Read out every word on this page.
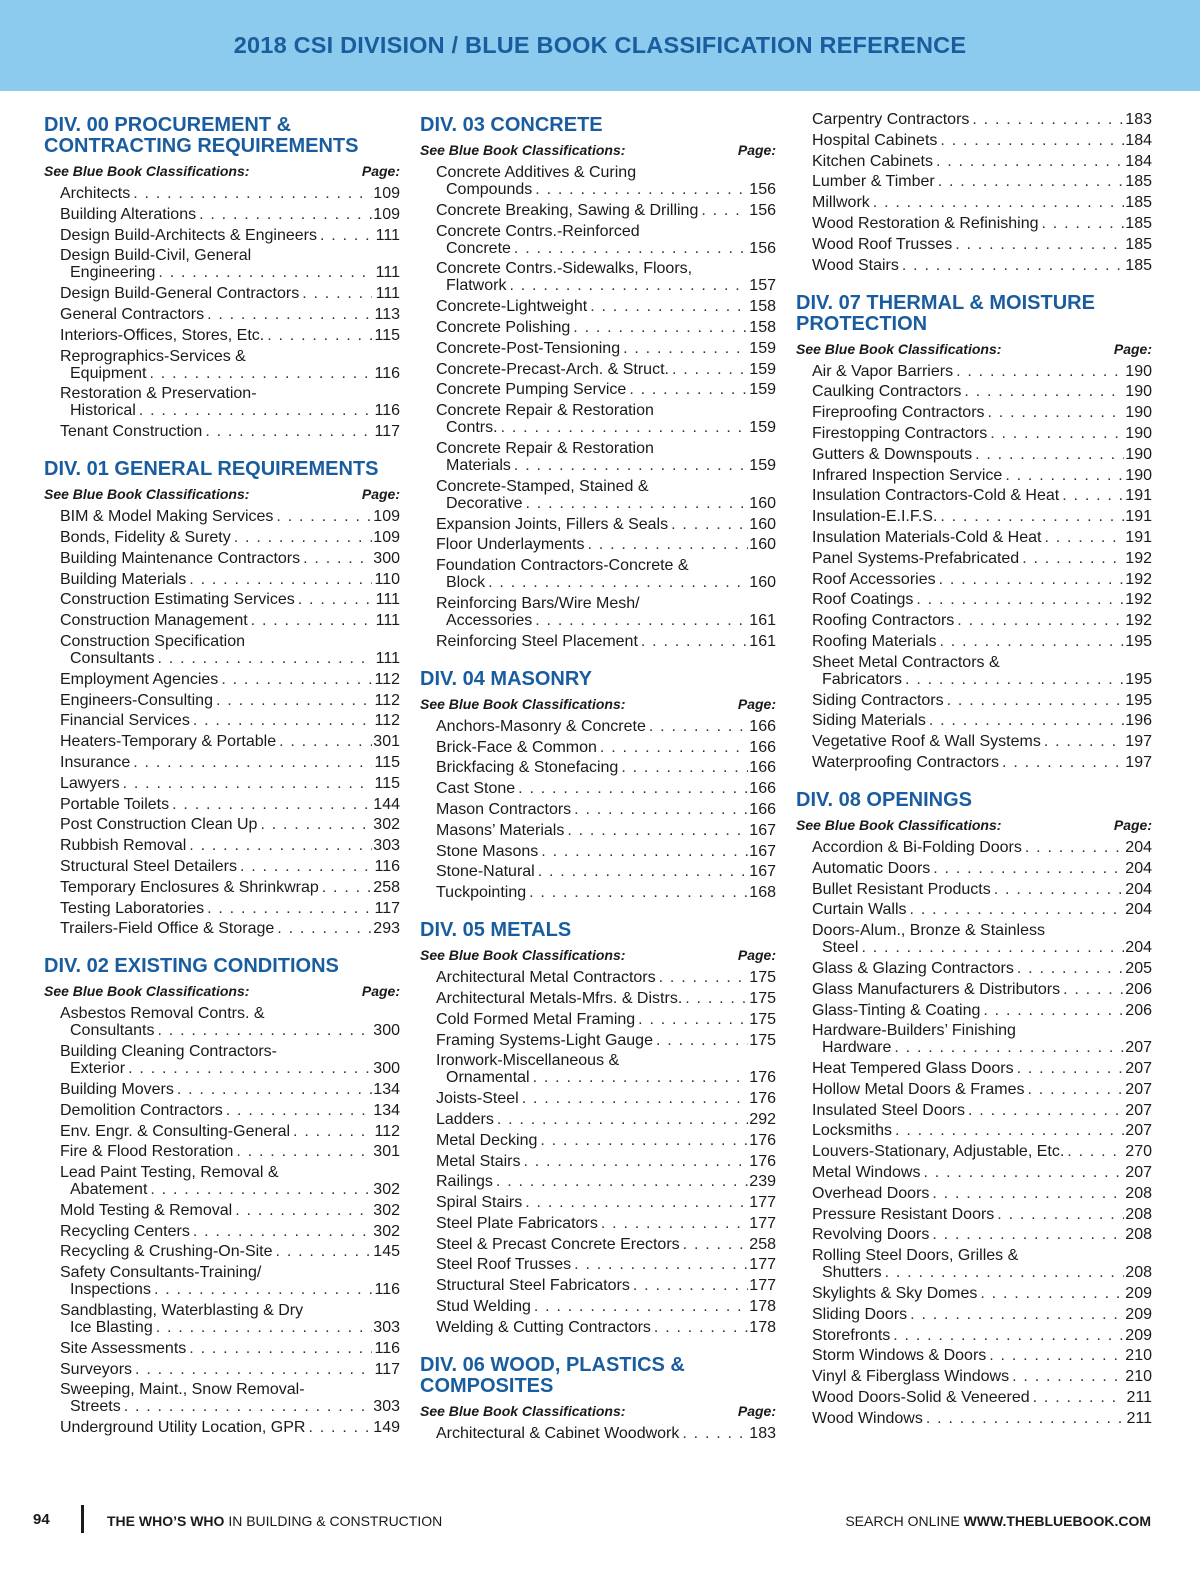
2018 CSI DIVISION / BLUE BOOK CLASSIFICATION REFERENCE
DIV. 00 PROCUREMENT & CONTRACTING REQUIREMENTS
See Blue Book Classifications:	Page:
Architects . . .	109
Building Alterations . . .	109
Design Build-Architects & Engineers . . .	111
Design Build-Civil, General
Engineering . . .	111
Design Build-General Contractors . . .	111
General Contractors . . .	113
Interiors-Offices, Stores, Etc. . . .	115
Reprographics-Services &
Equipment . . .	116
Restoration & Preservation-
Historical . . .	116
Tenant Construction . . .	117
DIV. 01 GENERAL REQUIREMENTS
See Blue Book Classifications:	Page:
BIM & Model Making Services . . .	109
Bonds, Fidelity & Surety . . .	109
Building Maintenance Contractors . . .	300
Building Materials . . .	110
Construction Estimating Services . . .	111
Construction Management . . .	111
Construction Specification
Consultants . . .	111
Employment Agencies . . .	112
Engineers-Consulting . . .	112
Financial Services . . .	112
Heaters-Temporary & Portable . . .	301
Insurance . . .	115
Lawyers . . .	115
Portable Toilets . . .	144
Post Construction Clean Up . . .	302
Rubbish Removal . . .	303
Structural Steel Detailers . . .	116
Temporary Enclosures & Shrinkwrap . . .	258
Testing Laboratories . . .	117
Trailers-Field Office & Storage . . .	293
DIV. 02 EXISTING CONDITIONS
See Blue Book Classifications:	Page:
Asbestos Removal Contrs. &
Consultants . . .	300
Building Cleaning Contractors-
Exterior . . .	300
Building Movers . . .	134
Demolition Contractors . . .	134
Env. Engr. & Consulting-General . . .	112
Fire & Flood Restoration . . .	301
Lead Paint Testing, Removal &
Abatement . . .	302
Mold Testing & Removal . . .	302
Recycling Centers . . .	302
Recycling & Crushing-On-Site . . .	145
Safety Consultants-Training/
Inspections . . .	116
Sandblasting, Waterblasting & Dry
Ice Blasting . . .	303
Site Assessments . . .	116
Surveyors . . .	117
Sweeping, Maint., Snow Removal-
Streets . . .	303
Underground Utility Location, GPR . . .	149
DIV. 03 CONCRETE
See Blue Book Classifications:	Page:
Concrete Additives & Curing
Compounds . . .	156
Concrete Breaking, Sawing & Drilling . . .	156
Concrete Contrs.-Reinforced
Concrete . . .	156
Concrete Contrs.-Sidewalks, Floors,
Flatwork . . .	157
Concrete-Lightweight . . .	158
Concrete Polishing . . .	158
Concrete-Post-Tensioning . . .	159
Concrete-Precast-Arch. & Struct. . . .	159
Concrete Pumping Service . . .	159
Concrete Repair & Restoration
Contrs. . . .	159
Concrete Repair & Restoration
Materials . . .	159
Concrete-Stamped, Stained &
Decorative . . .	160
Expansion Joints, Fillers & Seals . . .	160
Floor Underlayments . . .	160
Foundation Contractors-Concrete &
Block . . .	160
Reinforcing Bars/Wire Mesh/
Accessories . . .	161
Reinforcing Steel Placement . . .	161
DIV. 04 MASONRY
See Blue Book Classifications:	Page:
Anchors-Masonry & Concrete . . .	166
Brick-Face & Common . . .	166
Brickfacing & Stonefacing . . .	166
Cast Stone . . .	166
Mason Contractors . . .	166
Masons’ Materials . . .	167
Stone Masons . . .	167
Stone-Natural . . .	167
Tuckpointing . . .	168
DIV. 05 METALS
See Blue Book Classifications:	Page:
Architectural Metal Contractors . . .	175
Architectural Metals-Mfrs. & Distrs. . . .	175
Cold Formed Metal Framing . . .	175
Framing Systems-Light Gauge . . .	175
Ironwork-Miscellaneous &
Ornamental . . .	176
Joists-Steel . . .	176
Ladders . . .	292
Metal Decking . . .	176
Metal Stairs . . .	176
Railings . . .	239
Spiral Stairs . . .	177
Steel Plate Fabricators . . .	177
Steel & Precast Concrete Erectors . . .	258
Steel Roof Trusses . . .	177
Structural Steel Fabricators . . .	177
Stud Welding . . .	178
Welding & Cutting Contractors . . .	178
DIV. 06 WOOD, PLASTICS & COMPOSITES
See Blue Book Classifications:	Page:
Architectural & Cabinet Woodwork . . .	183
Carpentry Contractors . . .	183
Hospital Cabinets . . .	184
Kitchen Cabinets . . .	184
Lumber & Timber . . .	185
Millwork . . .	185
Wood Restoration & Refinishing . . .	185
Wood Roof Trusses . . .	185
Wood Stairs . . .	185
DIV. 07 THERMAL & MOISTURE PROTECTION
See Blue Book Classifications:	Page:
Air & Vapor Barriers . . .	190
Caulking Contractors . . .	190
Fireproofing Contractors . . .	190
Firestopping Contractors . . .	190
Gutters & Downspouts . . .	190
Infrared Inspection Service . . .	190
Insulation Contractors-Cold & Heat . . .	191
Insulation-E.I.F.S. . . .	191
Insulation Materials-Cold & Heat . . .	191
Panel Systems-Prefabricated . . .	192
Roof Accessories . . .	192
Roof Coatings . . .	192
Roofing Contractors . . .	192
Roofing Materials . . .	195
Sheet Metal Contractors &
Fabricators . . .	195
Siding Contractors . . .	195
Siding Materials . . .	196
Vegetative Roof & Wall Systems . . .	197
Waterproofing Contractors . . .	197
DIV. 08 OPENINGS
See Blue Book Classifications:	Page:
Accordion & Bi-Folding Doors . . .	204
Automatic Doors . . .	204
Bullet Resistant Products . . .	204
Curtain Walls . . .	204
Doors-Alum., Bronze & Stainless
Steel . . .	204
Glass & Glazing Contractors . . .	205
Glass Manufacturers & Distributors . . .	206
Glass-Tinting & Coating . . .	206
Hardware-Builders’ Finishing
Hardware . . .	207
Heat Tempered Glass Doors . . .	207
Hollow Metal Doors & Frames . . .	207
Insulated Steel Doors . . .	207
Locksmiths . . .	207
Louvers-Stationary, Adjustable, Etc. . . .	270
Metal Windows . . .	207
Overhead Doors . . .	208
Pressure Resistant Doors . . .	208
Revolving Doors . . .	208
Rolling Steel Doors, Grilles &
Shutters . . .	208
Skylights & Sky Domes . . .	209
Sliding Doors . . .	209
Storefronts . . .	209
Storm Windows & Doors . . .	210
Vinyl & Fiberglass Windows . . .	210
Wood Doors-Solid & Veneered . . .	211
Wood Windows . . .	211
94	THE WHO’S WHO IN BUILDING & CONSTRUCTION	SEARCH ONLINE WWW.THEBLUEBOOK.COM
